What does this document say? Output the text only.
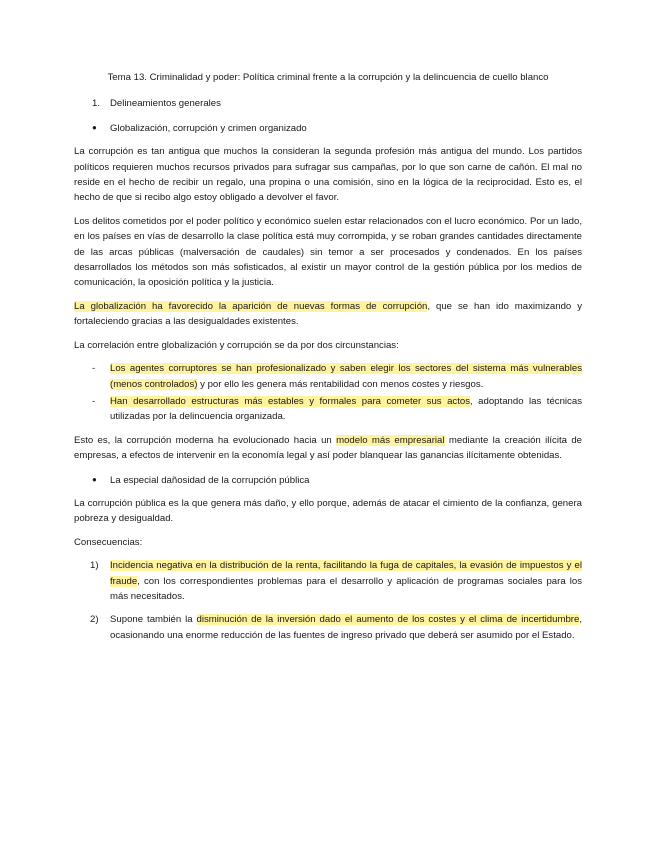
Tema 13. Criminalidad y poder: Política criminal frente a la corrupción y la delincuencia de cuello blanco
1. Delineamientos generales
● Globalización, corrupción y crimen organizado

La corrupción es tan antigua que muchos la consideran la segunda profesión más antigua del mundo. Los partidos políticos requieren muchos recursos privados para sufragar sus campañas, por lo que son carne de cañón. El mal no reside en el hecho de recibir un regalo, una propina o una comisión, sino en la lógica de la reciprocidad. Esto es, el hecho de que si recibo algo estoy obligado a devolver el favor.

Los delitos cometidos por el poder político y económico suelen estar relacionados con el lucro económico. Por un lado, en los países en vías de desarrollo la clase política está muy corrompida, y se roban grandes cantidades directamente de las arcas públicas (malversación de caudales) sin temor a ser procesados y condenados. En los países desarrollados los métodos son más sofisticados, al existir un mayor control de la gestión pública por los medios de comunicación, la oposición política y la justicia.

La globalización ha favorecido la aparición de nuevas formas de corrupción, que se han ido maximizando y fortaleciendo gracias a las desigualdades existentes.

La correlación entre globalización y corrupción se da por dos circunstancias:

- Los agentes corruptores se han profesionalizado y saben elegir los sectores del sistema más vulnerables (menos controlados) y por ello les genera más rentabilidad con menos costes y riesgos.
- Han desarrollado estructuras más estables y formales para cometer sus actos, adoptando las técnicas utilizadas por la delincuencia organizada.

Esto es, la corrupción moderna ha evolucionado hacia un modelo más empresarial mediante la creación ilícita de empresas, a efectos de intervenir en la economía legal y así poder blanquear las ganancias ilícitamente obtenidas.

● La especial dañosidad de la corrupción pública

La corrupción pública es la que genera más daño, y ello porque, además de atacar el cimiento de la confianza, genera pobreza y desigualdad.

Consecuencias:

1) Incidencia negativa en la distribución de la renta, facilitando la fuga de capitales, la evasión de impuestos y el fraude, con los correspondientes problemas para el desarrollo y aplicación de programas sociales para los más necesitados.
2) Supone también la disminución de la inversión dado el aumento de los costes y el clima de incertidumbre, ocasionando una enorme reducción de las fuentes de ingreso privado que deberá ser asumido por el Estado.
